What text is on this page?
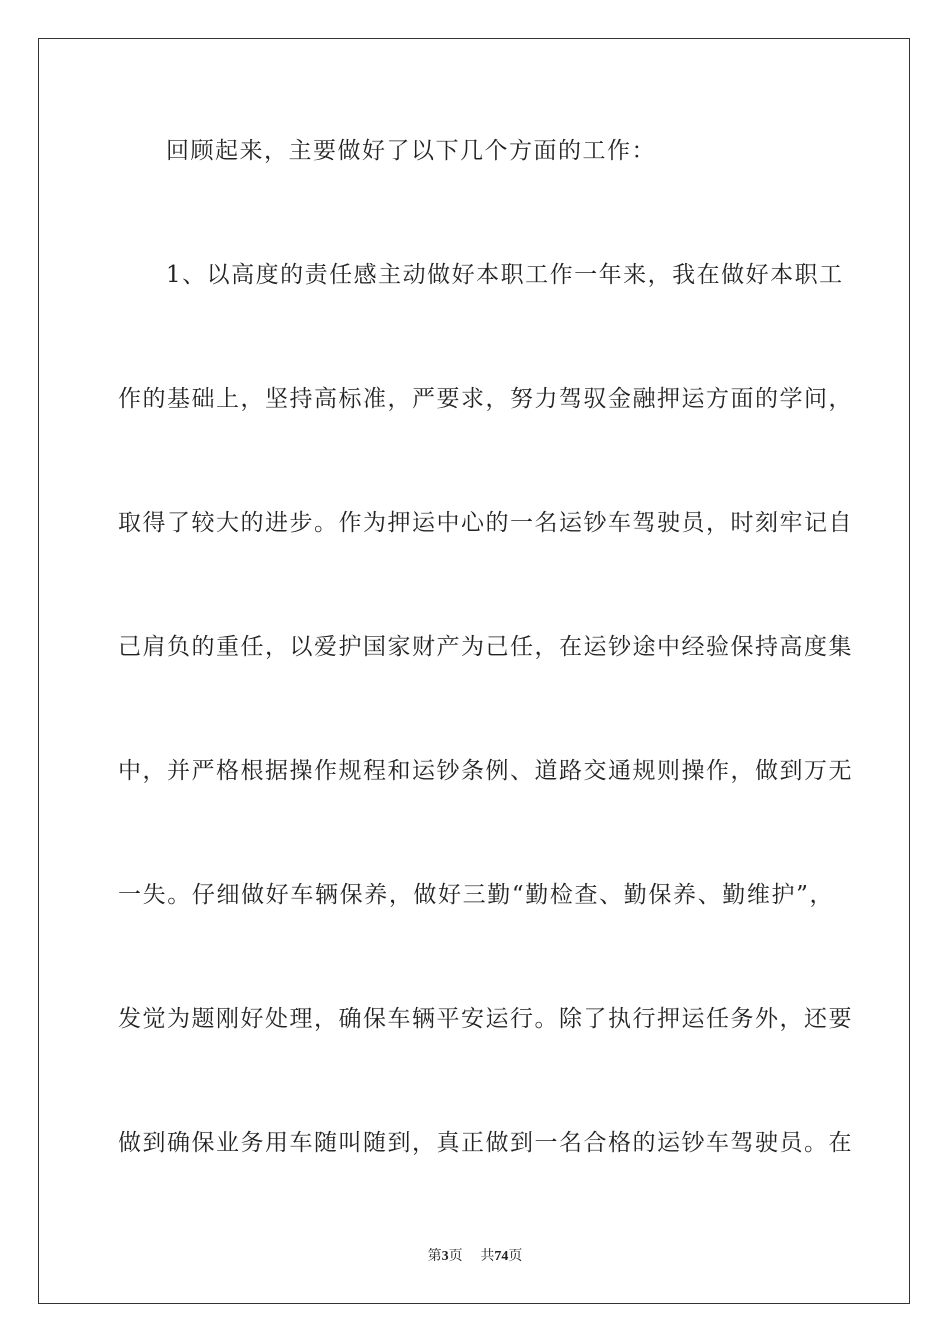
回顾起来，主要做好了以下几个方面的工作：
1、以高度的责任感主动做好本职工作一年来，我在做好本职工
作的基础上，坚持高标准，严要求，努力驾驭金融押运方面的学问，
取得了较大的进步。作为押运中心的一名运钞车驾驶员，时刻牢记自
己肩负的重任，以爱护国家财产为己任，在运钞途中经验保持高度集
中，并严格根据操作规程和运钞条例、道路交通规则操作，做到万无
一失。仔细做好车辆保养，做好三勤“勤检查、勤保养、勤维护”，
发觉为题刚好处理，确保车辆平安运行。除了执行押运任务外，还要
做到确保业务用车随叫随到，真正做到一名合格的运钞车驾驶员。在
第3页 共74页
